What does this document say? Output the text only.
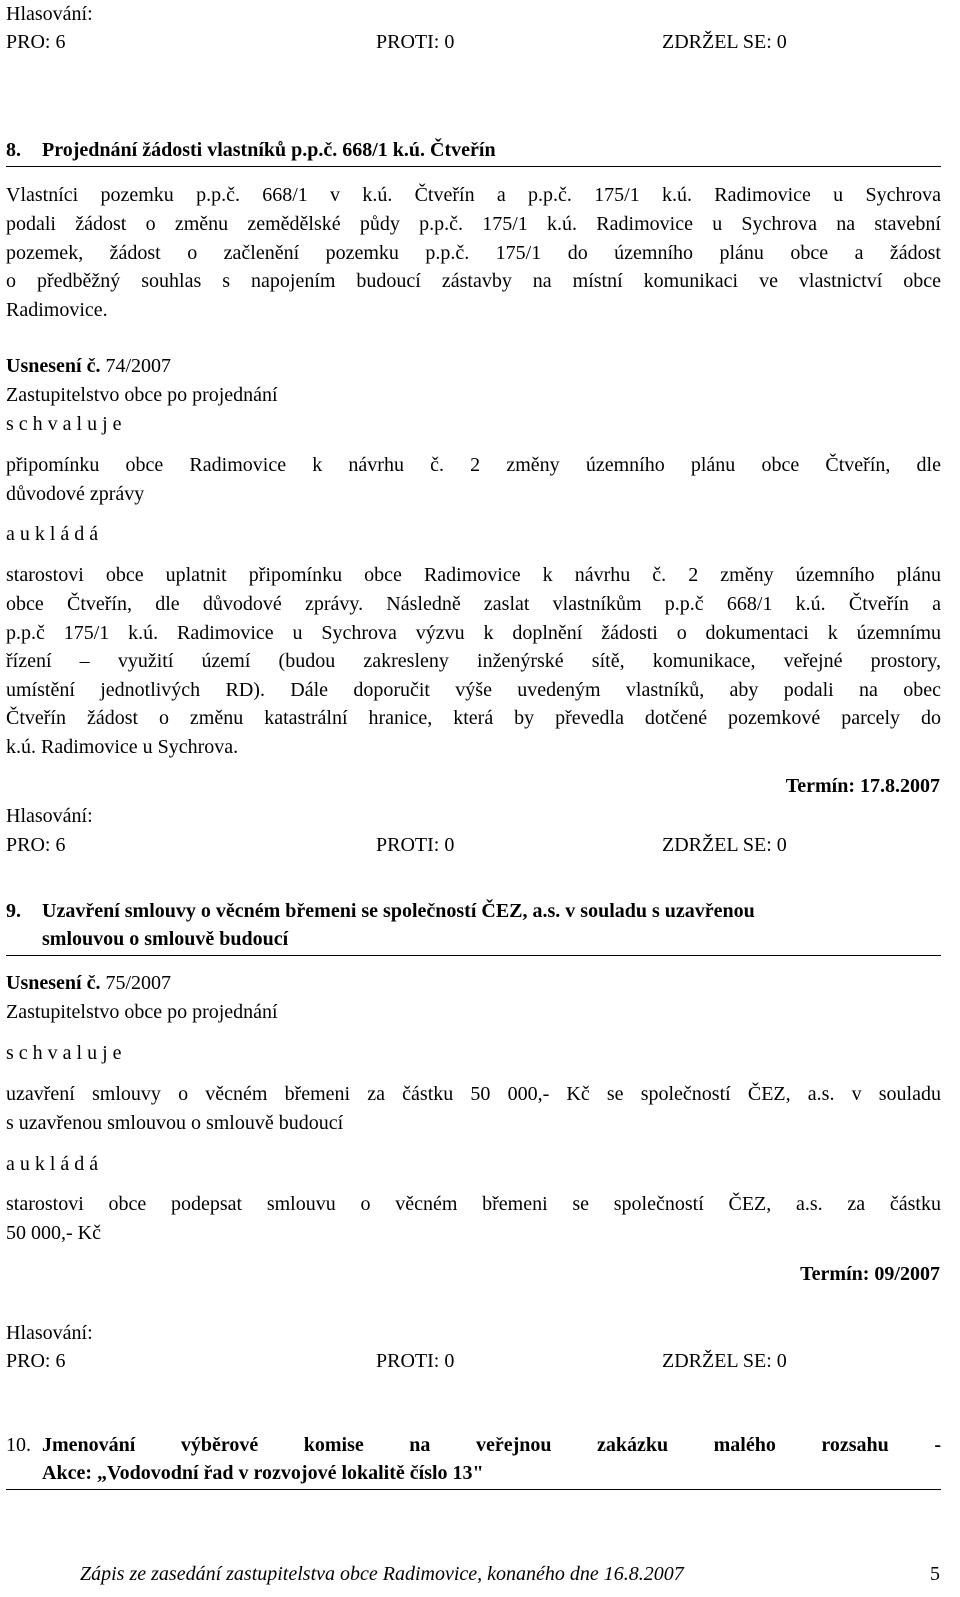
Hlasování:
PRO: 6	PROTI: 0	ZDRŽEL SE: 0
8. Projednání žádosti vlastníků p.p.č. 668/1 k.ú. Čtveřín
Vlastníci pozemku p.p.č. 668/1 v k.ú. Čtveřín a p.p.č. 175/1 k.ú. Radimovice u Sychrova
podali žádost o změnu zemědělské půdy p.p.č. 175/1 k.ú. Radimovice u Sychrova na stavební
pozemek, žádost o začlenění pozemku p.p.č. 175/1 do územního plánu obce a žádost
o předběžný souhlas s napojením budoucí zástavby na místní komunikaci ve vlastnictví obce
Radimovice.
Usnesení č. 74/2007
Zastupitelstvo obce po projednání
s c h v a l u j e
připomínku obce Radimovice k návrhu č. 2 změny územního plánu obce Čtveřín, dle
důvodové zprávy
a u k l á d á
starostovi obce uplatnit připomínku obce Radimovice k návrhu č. 2 změny územního plánu
obce Čtveřín, dle důvodové zprávy. Následně zaslat vlastníkům p.p.č 668/1 k.ú. Čtveřín a
p.p.č 175/1 k.ú. Radimovice u Sychrova výzvu k doplnění žádosti o dokumentaci k územnímu
řízení – využití území (budou zakresleny inženýrské sítě, komunikace, veřejné prostory,
umístění jednotlivých RD). Dále doporučit výše uvedeným vlastníků, aby podali na obec
Čtveřín žádost o změnu katastrální hranice, která by převedla dotčené pozemkové parcely do
k.ú. Radimovice u Sychrova.
Termín: 17.8.2007
Hlasování:
PRO: 6	PROTI: 0	ZDRŽEL SE: 0
9. Uzavření smlouvy o věcném břemeni se společností ČEZ, a.s. v souladu s uzavřenou
smlouvou o smlouvě budoucí
Usnesení č. 75/2007
Zastupitelstvo obce po projednání
s c h v a l u j e
uzavření smlouvy o věcném břemeni za částku 50 000,- Kč se společností ČEZ, a.s. v souladu
s uzavřenou smlouvou o smlouvě budoucí
a u k l á d á
starostovi obce podepsat smlouvu o věcném břemeni se společností ČEZ, a.s. za částku
50 000,- Kč
Termín: 09/2007
Hlasování:
PRO: 6	PROTI: 0	ZDRŽEL SE: 0
10. Jmenování výběrové komise na veřejnou zakázku malého rozsahu -
Akce: „Vodovodní řad v rozvojové lokalitě číslo 13"
Zápis ze zasedání zastupitelstva obce Radimovice, konaného dne 16.8.2007	5
